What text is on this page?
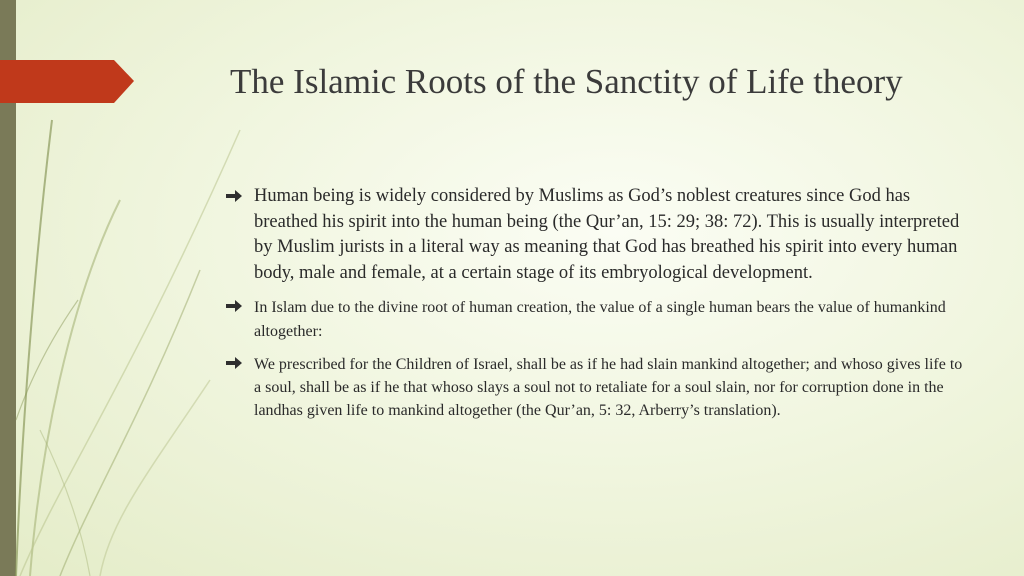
The Islamic Roots of the Sanctity of Life theory
Human being is widely considered by Muslims as God’s noblest creatures since God has breathed his spirit into the human being (the Qur’an, 15: 29; 38: 72). This is usually interpreted by Muslim jurists in a literal way as meaning that God has breathed his spirit into every human body, male and female, at a certain stage of its embryological development.
In Islam due to the divine root of human creation, the value of a single human bears the value of humankind altogether:
We prescribed for the Children of Israel, shall be as if he had slain mankind altogether; and whoso gives life to a soul, shall be as if he that whoso slays a soul not to retaliate for a soul slain, nor for corruption done in the landhas given life to mankind altogether (the Qur’an, 5: 32, Arberry’s translation).
